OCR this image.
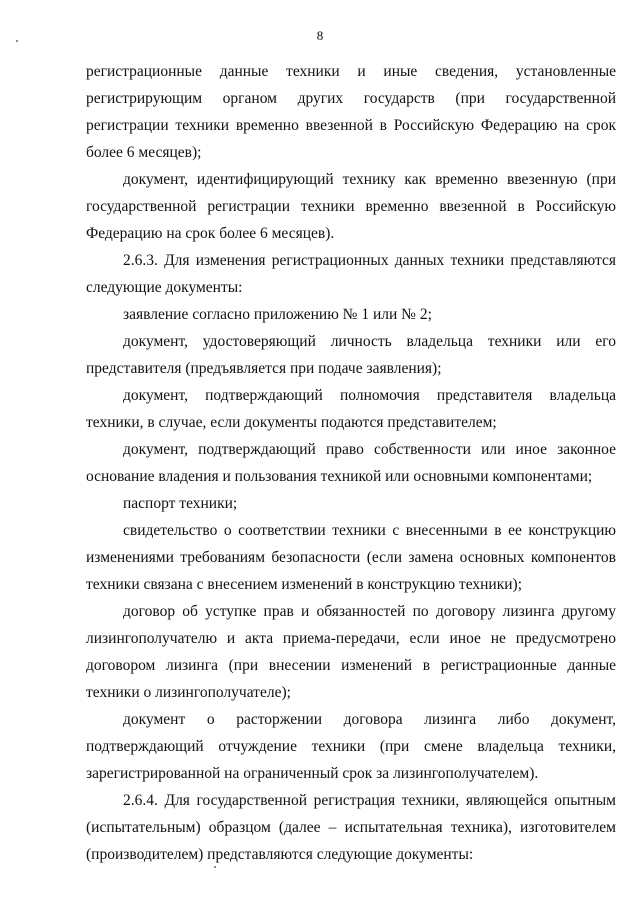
8

регистрационные данные техники и иные сведения, установленные регистрирующим органом других государств (при государственной регистрации техники временно ввезенной в Российскую Федерацию на срок более 6 месяцев);

документ, идентифицирующий технику как временно ввезенную (при государственной регистрации техники временно ввезенной в Российскую Федерацию на срок более 6 месяцев).

2.6.3. Для изменения регистрационных данных техники представляются следующие документы:

заявление согласно приложению № 1 или № 2;

документ, удостоверяющий личность владельца техники или его представителя (предъявляется при подаче заявления);

документ, подтверждающий полномочия представителя владельца техники, в случае, если документы подаются представителем;

документ, подтверждающий право собственности или иное законное основание владения и пользования техникой или основными компонентами;

паспорт техники;

свидетельство о соответствии техники с внесенными в ее конструкцию изменениями требованиям безопасности (если замена основных компонентов техники связана с внесением изменений в конструкцию техники);

договор об уступке прав и обязанностей по договору лизинга другому лизингополучателю и акта приема-передачи, если иное не предусмотрено договором лизинга (при внесении изменений в регистрационные данные техники о лизингополучателе);

документ о расторжении договора лизинга либо документ, подтверждающий отчуждение техники (при смене владельца техники, зарегистрированной на ограниченный срок за лизингополучателем).

2.6.4. Для государственной регистрация техники, являющейся опытным (испытательным) образцом (далее – испытательная техника), изготовителем (производителем) представляются следующие документы:
